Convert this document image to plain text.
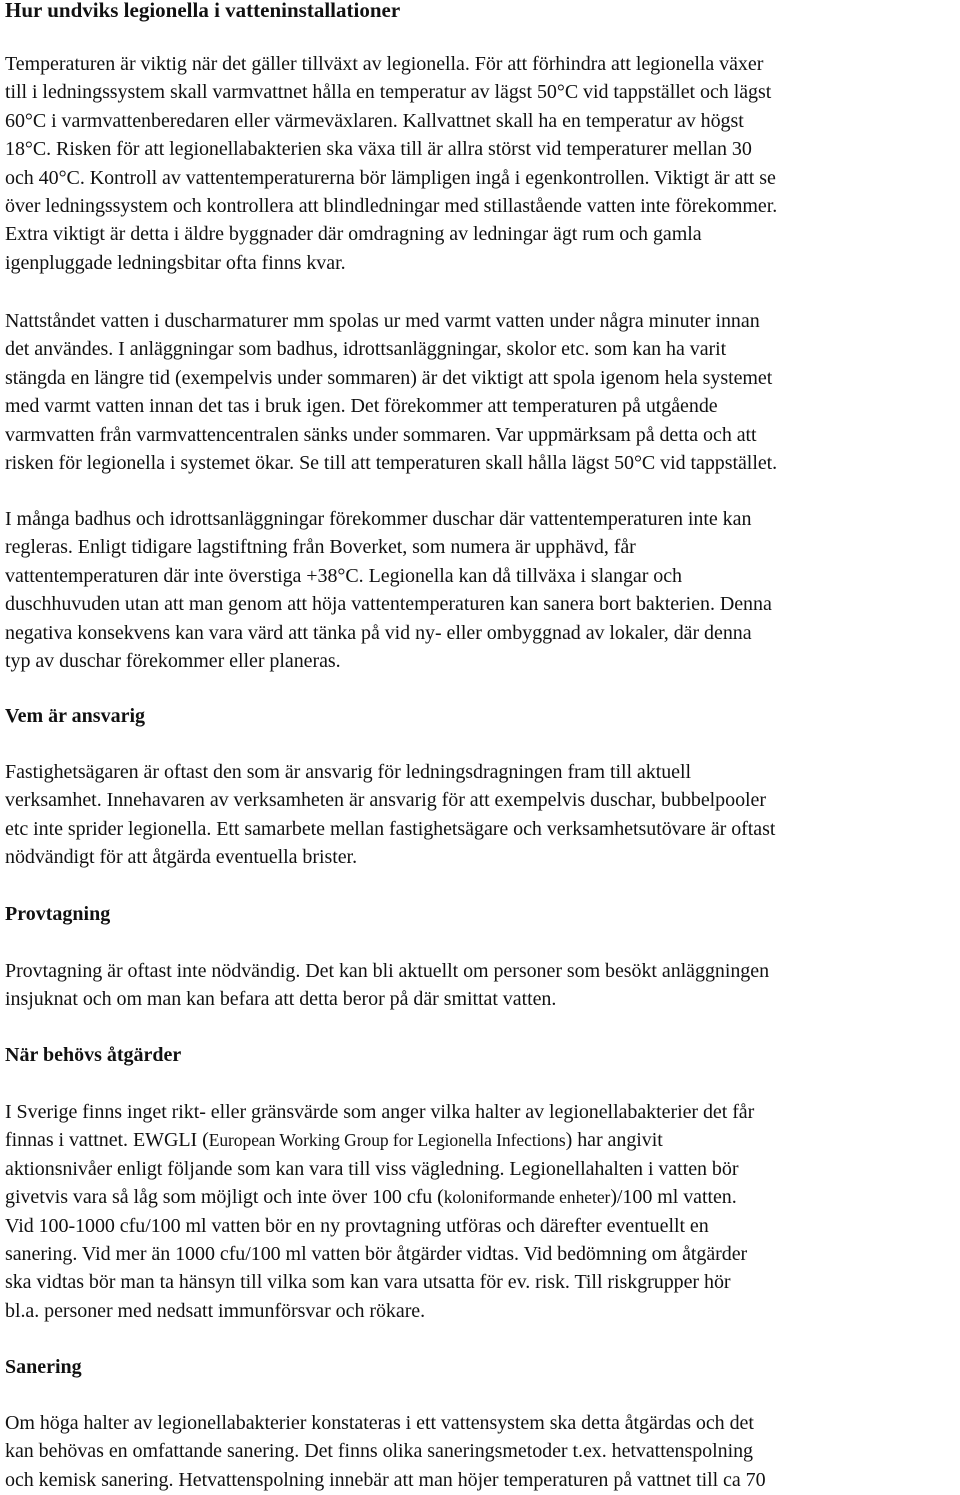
Hur undviks legionella i vatteninstallationer
Temperaturen är viktig när det gäller tillväxt av legionella. För att förhindra att legionella växer
till i ledningssystem skall varmvattnet hålla en temperatur av lägst 50°C vid tappstället och lägst
60°C i varmvattenberedaren eller värmeväxlaren. Kallvattnet skall ha en temperatur av högst
18°C. Risken för att legionellabakterien ska växa till är allra störst vid temperaturer mellan 30
och 40°C. Kontroll av vattentemperaturerna bör lämpligen ingå i egenkontrollen. Viktigt är att se
över ledningssystem och kontrollera att blindledningar med stillastående vatten inte förekommer.
Extra viktigt är detta i äldre byggnader där omdragning av ledningar ägt rum och gamla
igenpluggade ledningsbitar ofta finns kvar.
Nattståndet vatten i duscharmaturer mm spolas ur med varmt vatten under några minuter innan
det användes. I anläggningar som badhus, idrottsanläggningar, skolor etc. som kan ha varit
stängda en längre tid (exempelvis under sommaren) är det viktigt att spola igenom hela systemet
med varmt vatten innan det tas i bruk igen. Det förekommer att temperaturen på utgående
varmvatten från varmvattencentralen sänks under sommaren. Var uppmärksam på detta och att
risken för legionella i systemet ökar. Se till att temperaturen skall hålla lägst 50°C vid tappstället.
I många badhus och idrottsanläggningar förekommer duschar där vattentemperaturen inte kan
regleras. Enligt tidigare lagstiftning från Boverket, som numera är upphävd, får
vattentemperaturen där inte överstiga +38°C. Legionella kan då tillväxa i slangar och
duschhuvuden utan att man genom att höja vattentemperaturen kan sanera bort bakterien. Denna
negativa konsekvens kan vara värd att tänka på vid ny- eller ombyggnad av lokaler, där denna
typ av duschar förekommer eller planeras.
Vem är ansvarig
Fastighetsägaren är oftast den som är ansvarig för ledningsdragningen fram till aktuell
verksamhet. Innehavaren av verksamheten är ansvarig för att exempelvis duschar, bubbelpooler
etc inte sprider legionella. Ett samarbete mellan fastighetsägare och verksamhetsutövare är oftast
nödvändigt för att åtgärda eventuella brister.
Provtagning
Provtagning är oftast inte nödvändig. Det kan bli aktuellt om personer som besökt anläggningen
insjuknat och om man kan befara att detta beror på där smittat vatten.
När behövs åtgärder
I Sverige finns inget rikt- eller gränsvärde som anger vilka halter av legionellabakterier det får
finnas i vattnet. EWGLI (European Working Group for Legionella Infections) har angivit
aktionsnivåer enligt följande som kan vara till viss vägledning. Legionellahalten i vatten bör
givetvis vara så låg som möjligt och inte över 100 cfu (koloniformande enheter)/100 ml vatten.
Vid 100-1000 cfu/100 ml vatten bör en ny provtagning utföras och därefter eventuellt en
sanering. Vid mer än 1000 cfu/100 ml vatten bör åtgärder vidtas. Vid bedömning om åtgärder
ska vidtas bör man ta hänsyn till vilka som kan vara utsatta för ev. risk. Till riskgrupper hör
bl.a. personer med nedsatt immunförsvar och rökare.
Sanering
Om höga halter av legionellabakterier konstateras i ett vattensystem ska detta åtgärdas och det
kan behövas en omfattande sanering. Det finns olika saneringsmetoder t.ex. hetvattenspolning
och kemisk sanering. Hetvattenspolning innebär att man höjer temperaturen på vattnet till ca 70
